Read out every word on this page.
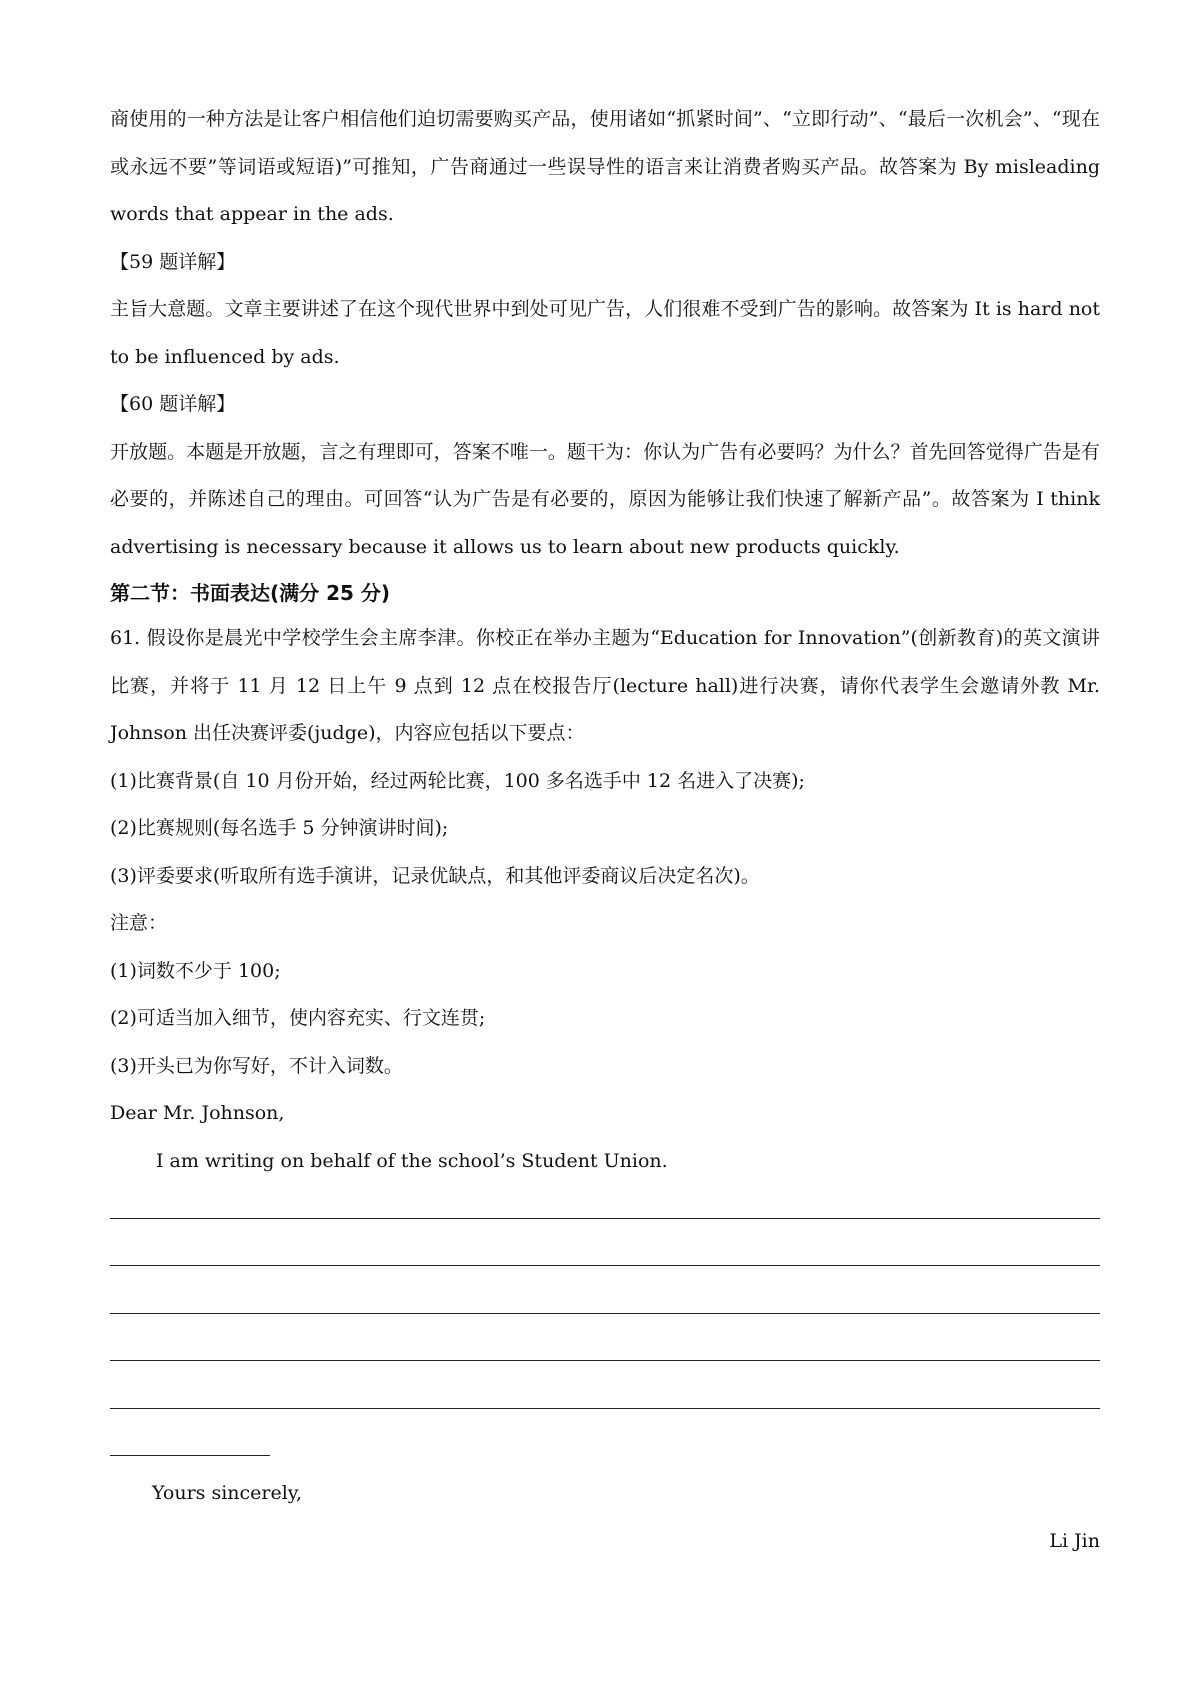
商使用的一种方法是让客户相信他们迫切需要购买产品，使用诸如“抓紧时间”、“立即行动”、“最后一次机会”、“现在或永远不要”等词语或短语)”可推知，广告商通过一些误导性的语言来让消费者购买产品。故答案为 By misleading words that appear in the ads.

【59 题详解】

主旨大意题。文章主要讲述了在这个现代世界中到处可见广告，人们很难不受到广告的影响。故答案为 It is hard not to be influenced by ads.

【60 题详解】

开放题。本题是开放题，言之有理即可，答案不唯一。题干为：你认为广告有必要吗？为什么？首先回答觉得广告是有必要的，并陈述自己的理由。可回答“认为广告是有必要的，原因为能够让我们快速了解新产品”。故答案为 I think advertising is necessary because it allows us to learn about new products quickly.

第二节：书面表达(满分 25 分)

61. 假设你是晨光中学校学生会主席李津。你校正在举办主题为“Education for Innovation”(创新教育)的英文演讲比赛，并将于 11 月 12 日上午 9 点到 12 点在校报告厅(lecture hall)进行决赛，请你代表学生会邀请外教 Mr. Johnson 出任决赛评委(judge)，内容应包括以下要点：

(1)比赛背景(自 10 月份开始，经过两轮比赛，100 多名选手中 12 名进入了决赛);

(2)比赛规则(每名选手 5 分钟演讲时间);

(3)评委要求(听取所有选手演讲，记录优缺点，和其他评委商议后决定名次)。

注意：

(1)词数不少于 100;

(2)可适当加入细节，使内容充实、行文连贯;

(3)开头已为你写好，不计入词数。

Dear Mr. Johnson,

I am writing on behalf of the school’s Student Union.

Yours sincerely,

Li Jin
